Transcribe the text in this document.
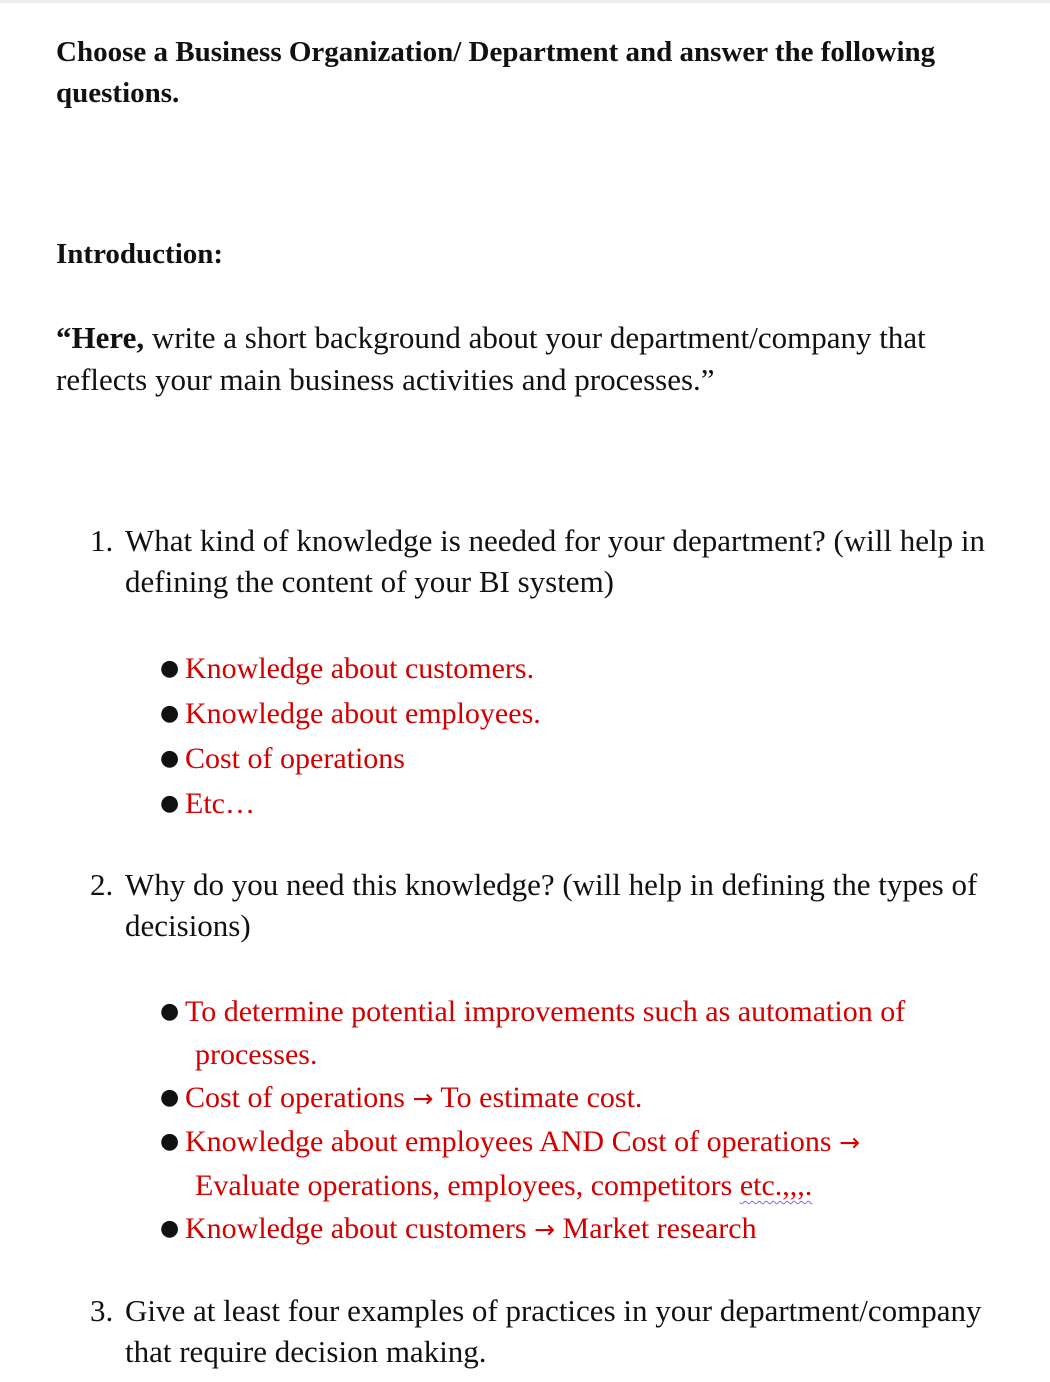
Choose a Business Organization/ Department and answer the following questions.

Introduction:

“Here, write a short background about your department/company that reflects your main business activities and processes.”

1. What kind of knowledge is needed for your department? (will help in defining the content of your BI system)
● Knowledge about customers.
● Knowledge about employees.
● Cost of operations
● Etc…
2. Why do you need this knowledge? (will help in defining the types of decisions)
● To determine potential improvements such as automation of
processes.
● Cost of operations → To estimate cost.
● Knowledge about employees AND Cost of operations →
Evaluate operations, employees, competitors etc.,,,.
● Knowledge about customers → Market research
3. Give at least four examples of practices in your department/company that require decision making.
